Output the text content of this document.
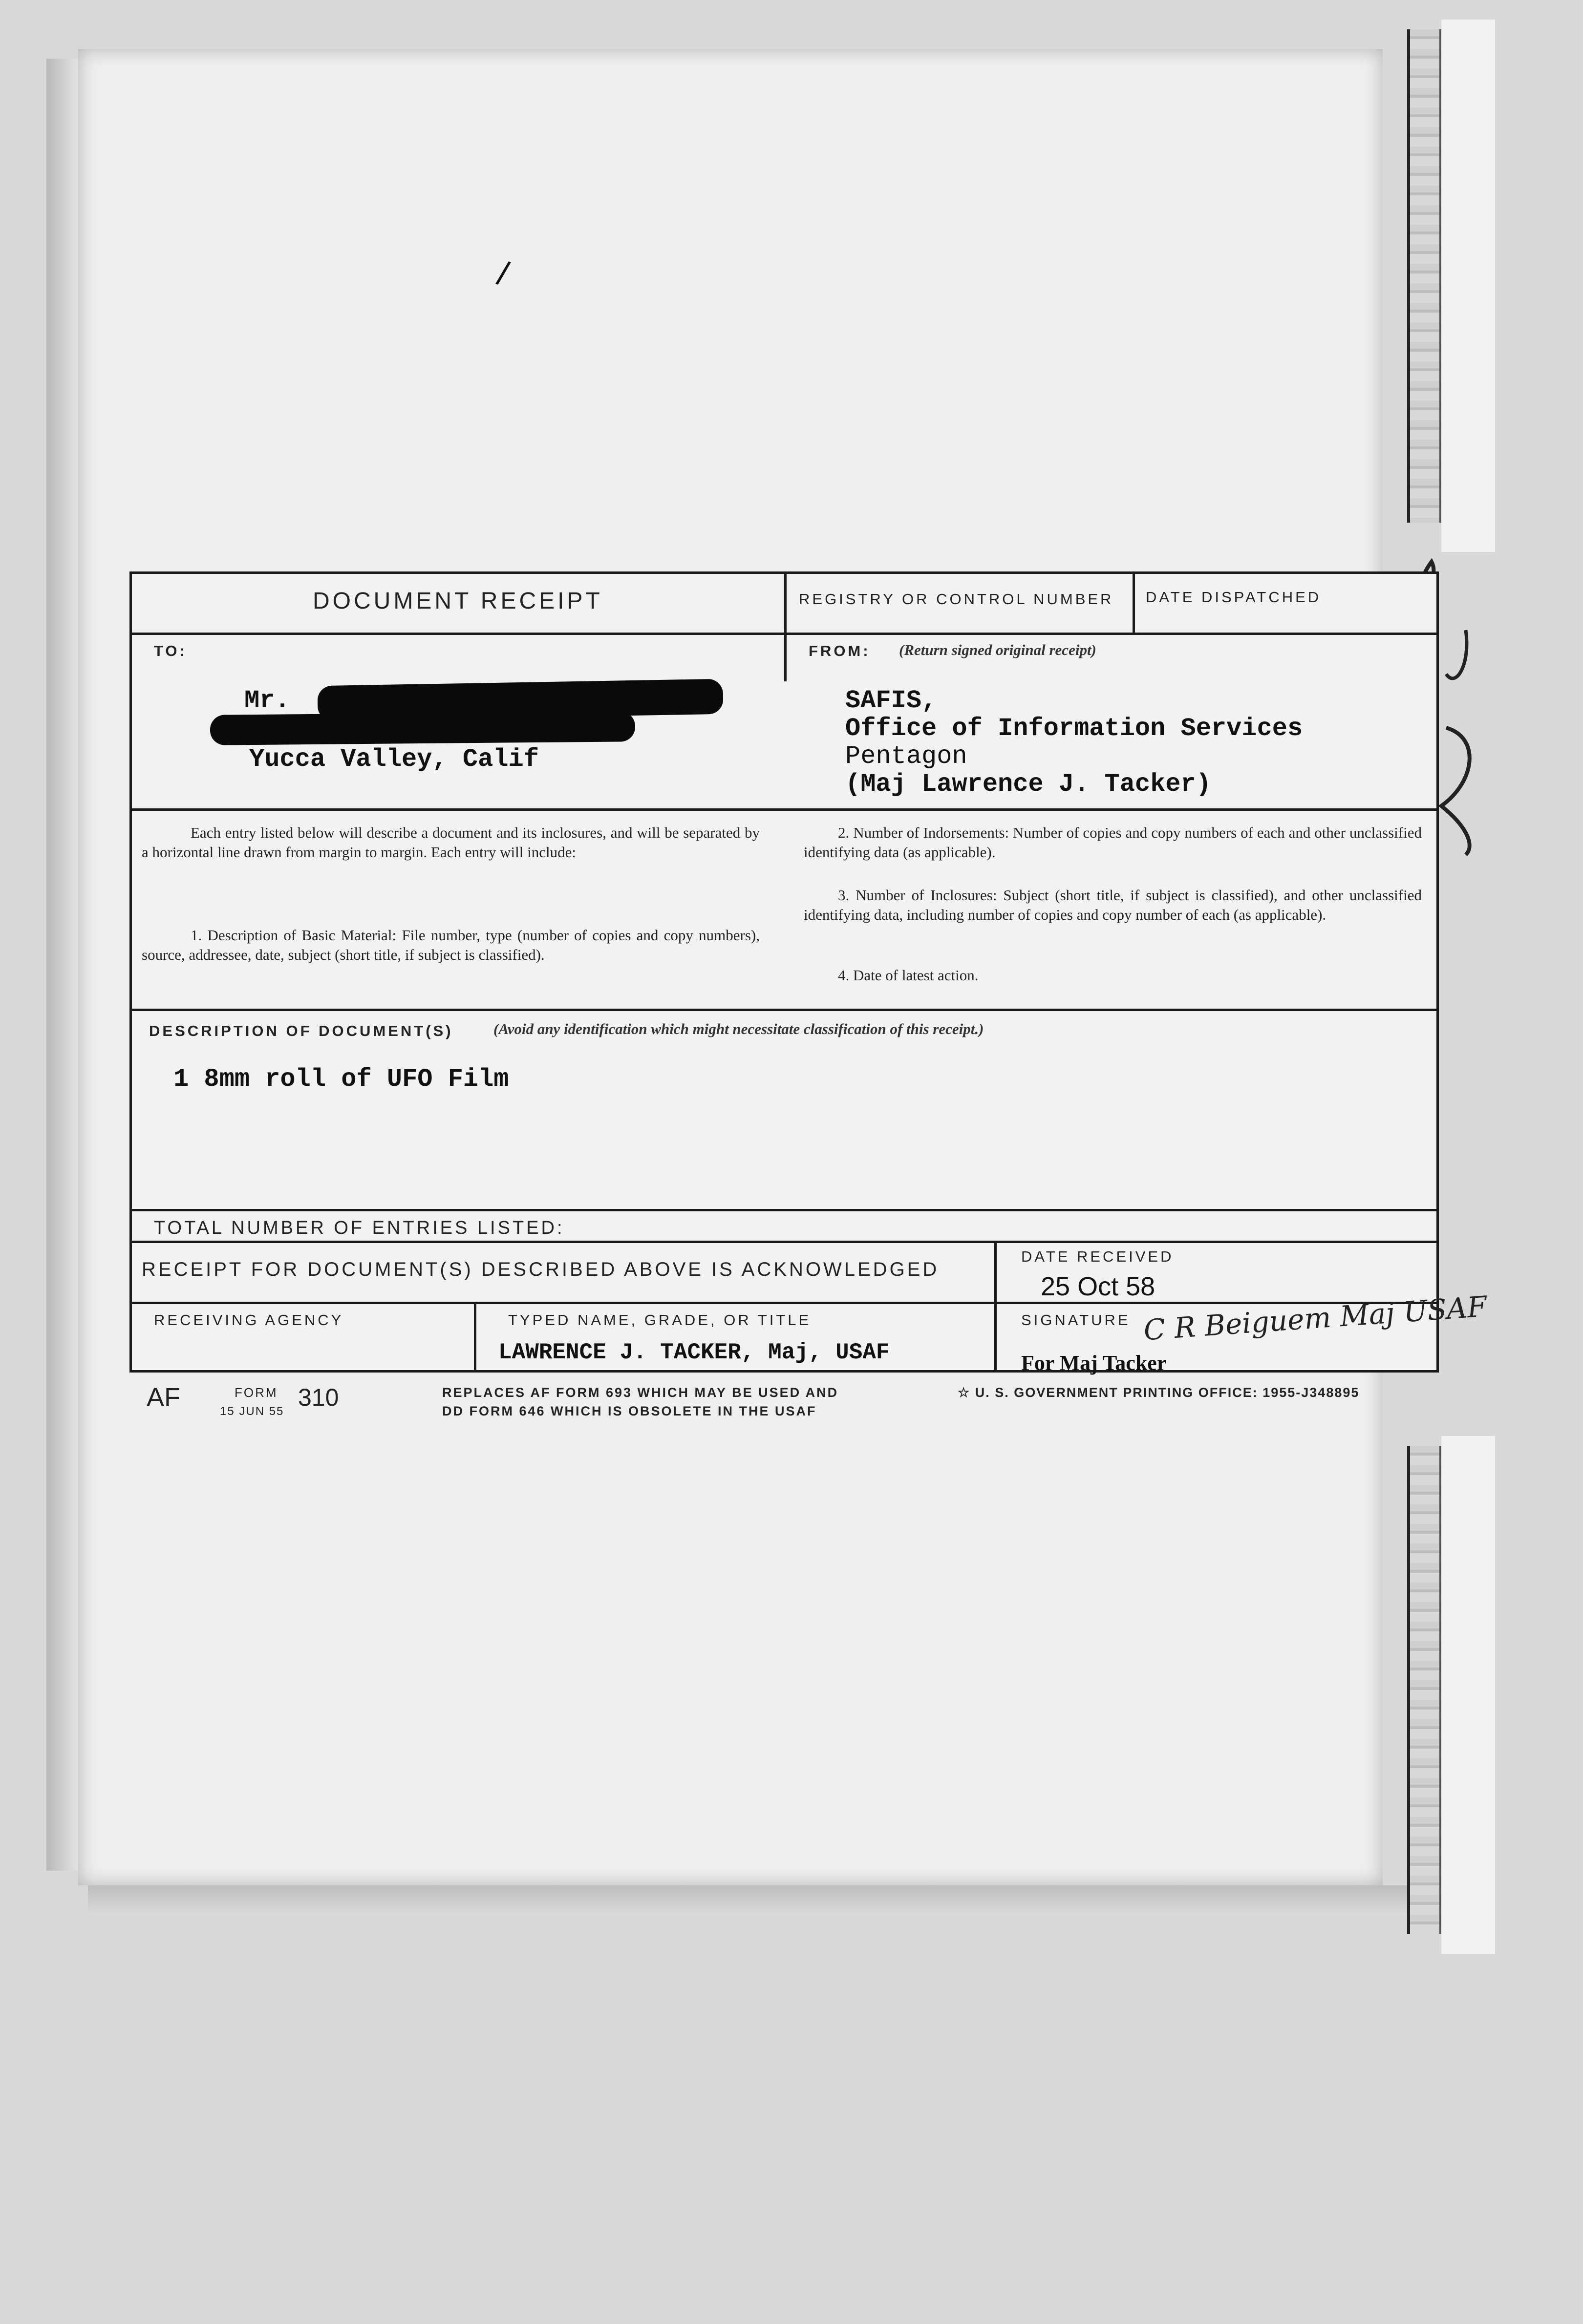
/
DOCUMENT RECEIPT	REGISTRY OR CONTROL NUMBER DATE DISPATCHED
TO:
Mr.
Yucca Valley, Calif
FROM: (Return signed original receipt)
SAFIS,
Office of Information Services
Pentagon
(Maj Lawrence J. Tacker)
Each entry listed below will describe a document and its inclosures, and will be separated by a horizontal line drawn from margin to margin. Each entry will include:
1. Description of Basic Material: File number, type (number of copies and copy numbers), source, addressee, date, subject (short title, if subject is classified).
2. Number of Indorsements: Number of copies and copy numbers of each and other unclassified identifying data (as applicable).
3. Number of Inclosures: Subject (short title, if subject is classified), and other unclassified identifying data, including number of copies and copy number of each (as applicable).
4. Date of latest action.
DESCRIPTION OF DOCUMENT(S)	(Avoid any identification which might necessitate classification of this receipt.)
1 8mm roll of UFO Film
TOTAL NUMBER OF ENTRIES LISTED:
RECEIPT FOR DOCUMENT(S) DESCRIBED ABOVE IS ACKNOWLEDGED
DATE RECEIVED
25 Oct 58
RECEIVING AGENCY	TYPED NAME, GRADE, OR TITLE
LAWRENCE J. TACKER, Maj, USAF
SIGNATURE C R Beiguem Maj USAF
For Maj Tacker
AF	FORM
15 JUN 55
310	REPLACES AF FORM 693 WHICH MAY BE USED AND
DD FORM 646 WHICH IS OBSOLETE IN THE USAF
☆ U. S. GOVERNMENT PRINTING OFFICE: 1955-J348895
